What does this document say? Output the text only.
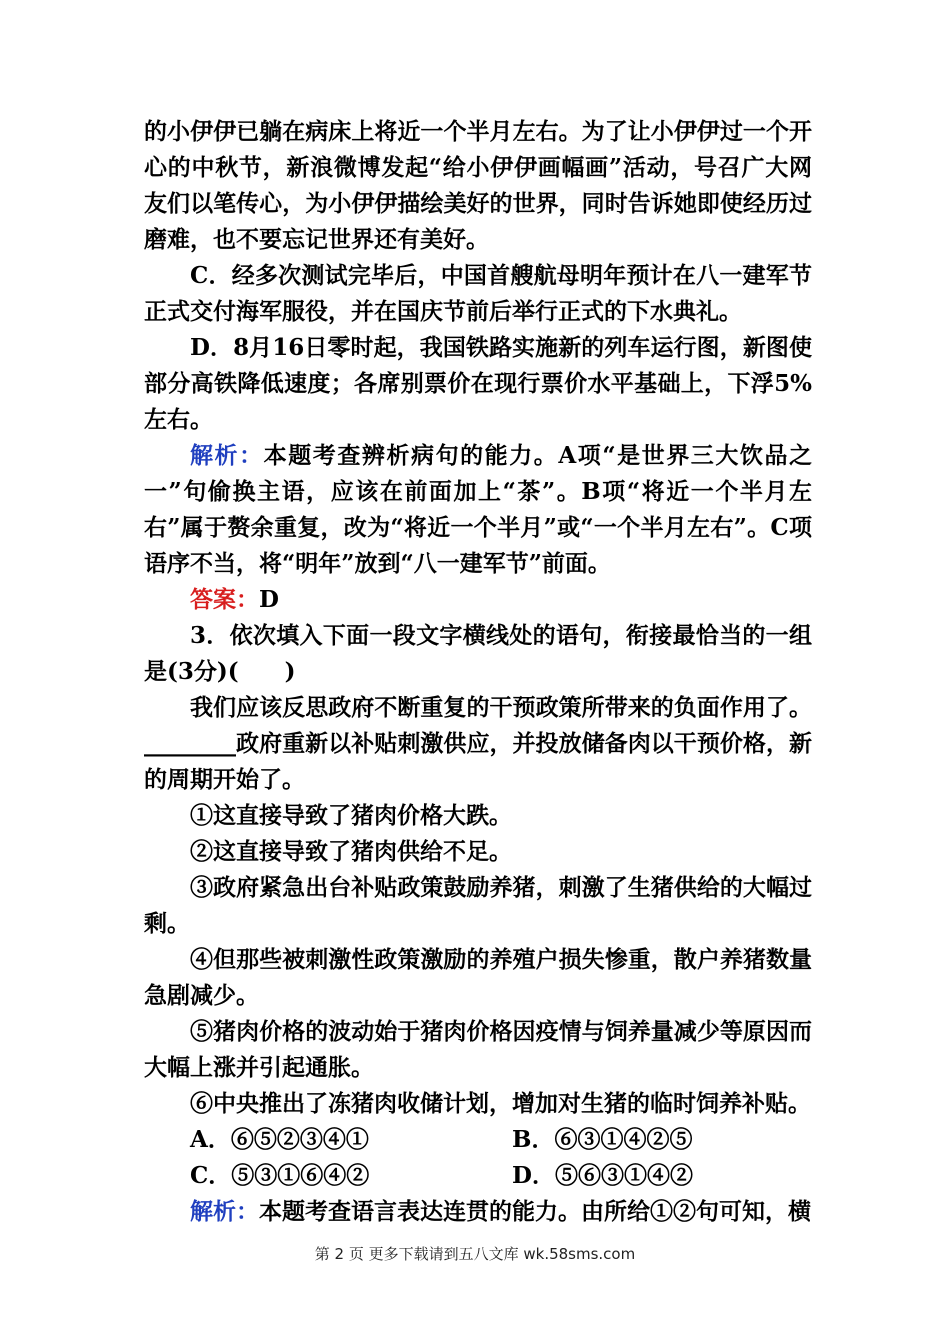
的小伊伊已躺在病床上将近一个半月左右。为了让小伊伊过一个开心的中秋节，新浪微博发起“给小伊伊画幅画”活动，号召广大网友们以笔传心，为小伊伊描绘美好的世界，同时告诉她即使经历过磨难，也不要忘记世界还有美好。

C．经多次测试完毕后，中国首艘航母明年预计在八一建军节正式交付海军服役，并在国庆节前后举行正式的下水典礼。

D．8月16日零时起，我国铁路实施新的列车运行图，新图使部分高铁降低速度；各席别票价在现行票价水平基础上，下浮5%左右。

解析：本题考查辨析病句的能力。A项“是世界三大饮品之一”句偷换主语，应该在前面加上“茶”。B项“将近一个半月左右”属于赘余重复，改为“将近一个半月”或“一个半月左右”。C项语序不当，将“明年”放到“八一建军节”前面。

答案：D

3．依次填入下面一段文字横线处的语句，衔接最恰当的一组是(3分)(　　)

我们应该反思政府不断重复的干预政策所带来的负面作用了。________政府重新以补贴刺激供应，并投放储备肉以干预价格，新的周期开始了。

①这直接导致了猪肉价格大跌。

②这直接导致了猪肉供给不足。

③政府紧急出台补贴政策鼓励养猪，刺激了生猪供给的大幅过剩。

④但那些被刺激性政策激励的养殖户损失惨重，散户养猪数量急剧减少。

⑤猪肉价格的波动始于猪肉价格因疫情与饲养量减少等原因而大幅上涨并引起通胀。

⑥中央推出了冻猪肉收储计划，增加对生猪的临时饲养补贴。

A．⑥⑤②③④①	B．⑥③①④②⑤
C．⑤③①⑥④②	D．⑤⑥③①④②

解析：本题考查语言表达连贯的能力。由所给①②句可知，横

第 2 页 更多下载请到五八文库 wk.58sms.com
